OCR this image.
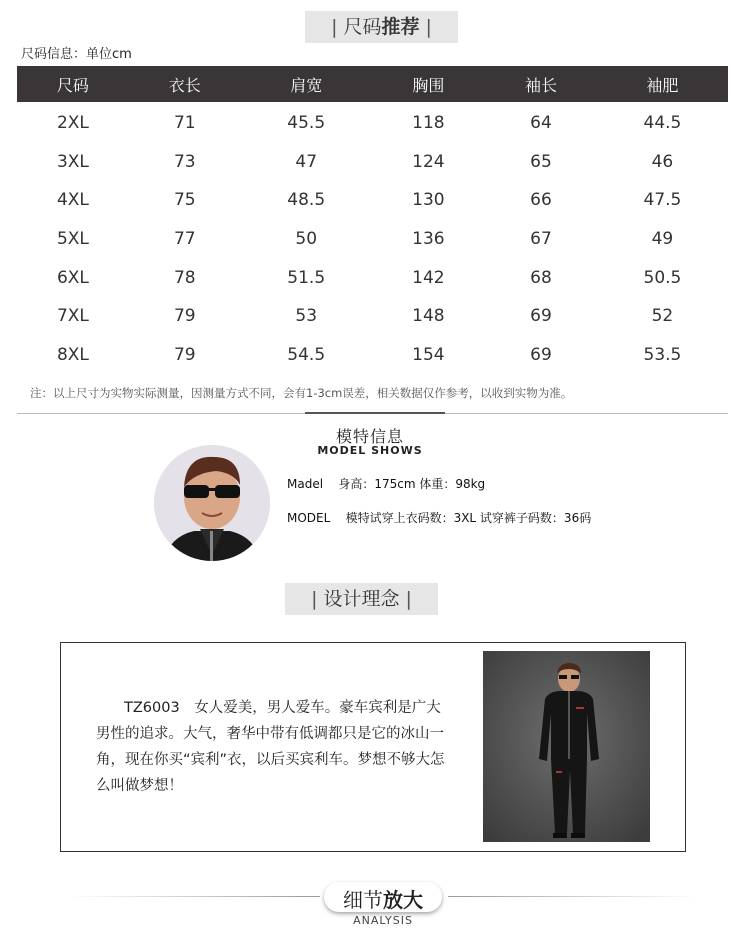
| 尺码推荐 |
尺码信息：单位cm
尺码	衣长	肩宽	胸围	袖长	袖肥
2XL	71	45.5	118	64	44.5
3XL	73	47	124	65	46
4XL	75	48.5	130	66	47.5
5XL	77	50	136	67	49
6XL	78	51.5	142	68	50.5
7XL	79	53	148	69	52
8XL	79	54.5	154	69	53.5
注：以上尺寸为实物实际测量，因测量方式不同，会有1-3cm误差，相关数据仅作参考，以收到实物为准。
模特信息
MODEL SHOWS
Madel 身高：175cm 体重：98kg
MODEL 模特试穿上衣码数：3XL 试穿裤子码数：36码
| 设计理念 |
TZ6003　女人爱美，男人爱车。豪车宾利是广大男性的追求。大气，奢华中带有低调都只是它的冰山一角，现在你买“宾利”衣，以后买宾利车。梦想不够大怎么叫做梦想！
细节放大
ANALYSIS
